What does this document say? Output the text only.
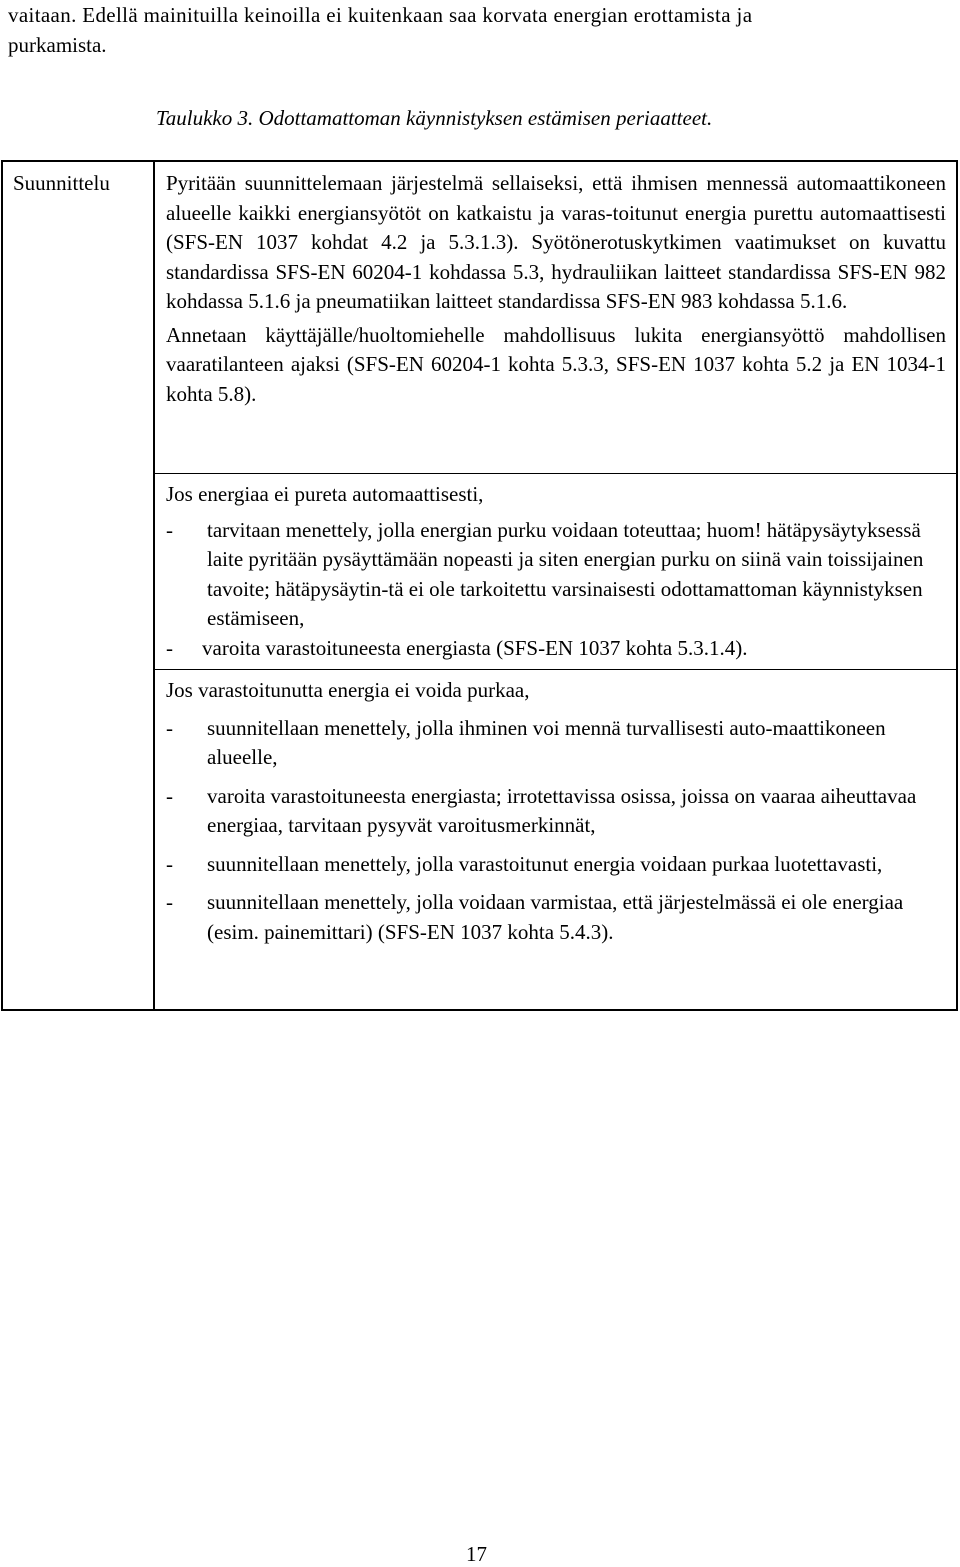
vaitaan. Edellä mainituilla keinoilla ei kuitenkaan saa korvata energian erottamista ja
purkamista.

Taulukko 3. Odottamattoman käynnistyksen estämisen periaatteet.

Suunnittelu	Pyritään suunnittelemaan järjestelmä sellaiseksi, että ihmisen mennessä automaattikoneen alueelle kaikki energiansyötöt on katkaistu ja varas-toitunut energia purettu automaattisesti (SFS-EN 1037 kohdat 4.2 ja 5.3.1.3). Syötönerotuskytkimen vaatimukset on kuvattu standardissa SFS-EN 60204-1 kohdassa 5.3, hydrauliikan laitteet standardissa SFS-EN 982 kohdassa 5.1.6 ja pneumatiikan laitteet standardissa SFS-EN 983 kohdassa 5.1.6.

Annetaan käyttäjälle/huoltomiehelle mahdollisuus lukita energiansyöttö mahdollisen vaaratilanteen ajaksi (SFS-EN 60204-1 kohta 5.3.3, SFS-EN 1037 kohta 5.2 ja EN 1034-1 kohta 5.8).

Jos energiaa ei pureta automaattisesti,

- tarvitaan menettely, jolla energian purku voidaan toteuttaa; huom! hätäpysäytyksessä laite pyritään pysäyttämään nopeasti ja siten energian purku on siinä vain toissijainen tavoite; hätäpysäytin-tä ei ole tarkoitettu varsinaisesti odottamattoman käynnistyksen estämiseen,

- varoita varastoituneesta energiasta (SFS-EN 1037 kohta 5.3.1.4).

Jos varastoitunutta energia ei voida purkaa,

- suunnitellaan menettely, jolla ihminen voi mennä turvallisesti auto-maattikoneen alueelle,

- varoita varastoituneesta energiasta; irrotettavissa osissa, joissa on vaaraa aiheuttavaa energiaa, tarvitaan pysyvät varoitusmerkinnät,

- suunnitellaan menettely, jolla varastoitunut energia voidaan purkaa luotettavasti,

- suunnitellaan menettely, jolla voidaan varmistaa, että järjestelmässä ei ole energiaa (esim. painemittari) (SFS-EN 1037 kohta 5.4.3).

17
